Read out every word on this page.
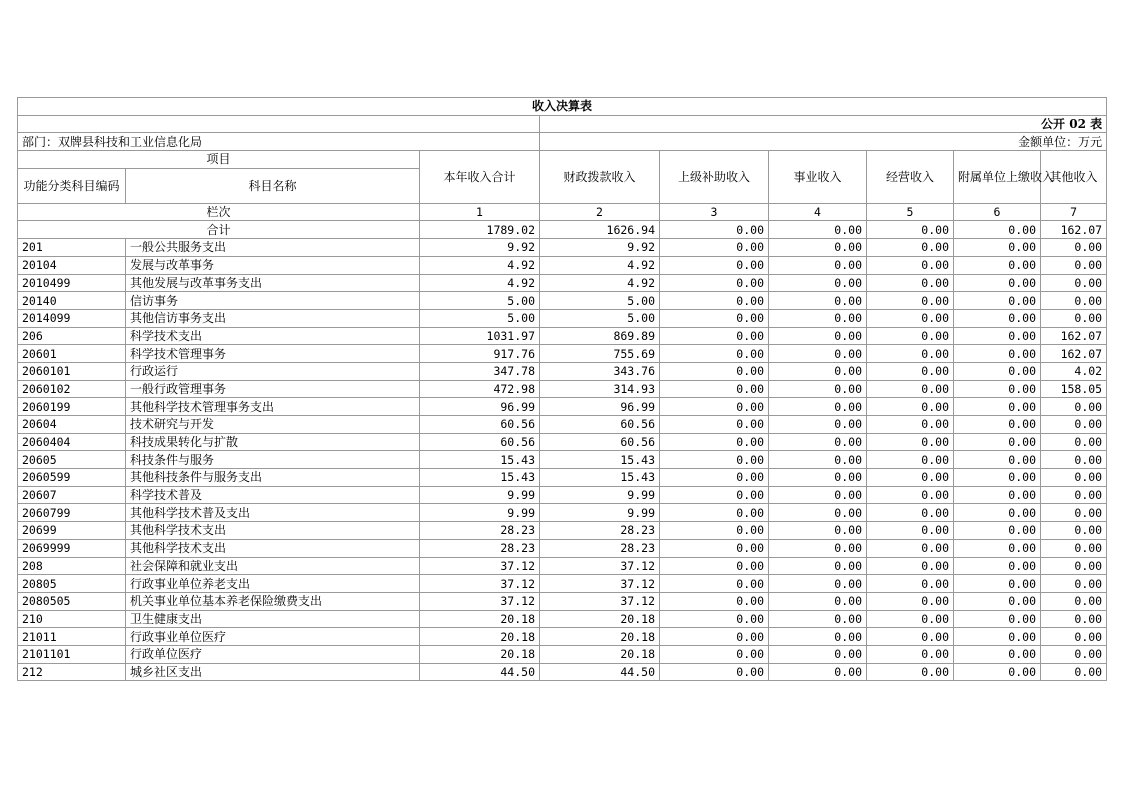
收入决算表								
			公开 02 表					
部门：双牌县科技和工业信息化局			金额单位：万元					
项目		本年收入合计	财政拨款收入	上级补助收入	事业收入	经营收入	附属单位上缴收入	其他收入
功能分类科目编码	科目名称							
栏次		1	2	3	4	5	6	7
合计		1789.02	1626.94	0.00	0.00	0.00	0.00	162.07
201	一般公共服务支出	9.92	9.92	0.00	0.00	0.00	0.00	0.00
20104	发展与改革事务	4.92	4.92	0.00	0.00	0.00	0.00	0.00
2010499	其他发展与改革事务支出	4.92	4.92	0.00	0.00	0.00	0.00	0.00
20140	信访事务	5.00	5.00	0.00	0.00	0.00	0.00	0.00
2014099	其他信访事务支出	5.00	5.00	0.00	0.00	0.00	0.00	0.00
206	科学技术支出	1031.97	869.89	0.00	0.00	0.00	0.00	162.07
20601	科学技术管理事务	917.76	755.69	0.00	0.00	0.00	0.00	162.07
2060101	行政运行	347.78	343.76	0.00	0.00	0.00	0.00	4.02
2060102	一般行政管理事务	472.98	314.93	0.00	0.00	0.00	0.00	158.05
2060199	其他科学技术管理事务支出	96.99	96.99	0.00	0.00	0.00	0.00	0.00
20604	技术研究与开发	60.56	60.56	0.00	0.00	0.00	0.00	0.00
2060404	科技成果转化与扩散	60.56	60.56	0.00	0.00	0.00	0.00	0.00
20605	科技条件与服务	15.43	15.43	0.00	0.00	0.00	0.00	0.00
2060599	其他科技条件与服务支出	15.43	15.43	0.00	0.00	0.00	0.00	0.00
20607	科学技术普及	9.99	9.99	0.00	0.00	0.00	0.00	0.00
2060799	其他科学技术普及支出	9.99	9.99	0.00	0.00	0.00	0.00	0.00
20699	其他科学技术支出	28.23	28.23	0.00	0.00	0.00	0.00	0.00
2069999	其他科学技术支出	28.23	28.23	0.00	0.00	0.00	0.00	0.00
208	社会保障和就业支出	37.12	37.12	0.00	0.00	0.00	0.00	0.00
20805	行政事业单位养老支出	37.12	37.12	0.00	0.00	0.00	0.00	0.00
2080505	机关事业单位基本养老保险缴费支出	37.12	37.12	0.00	0.00	0.00	0.00	0.00
210	卫生健康支出	20.18	20.18	0.00	0.00	0.00	0.00	0.00
21011	行政事业单位医疗	20.18	20.18	0.00	0.00	0.00	0.00	0.00
2101101	行政单位医疗	20.18	20.18	0.00	0.00	0.00	0.00	0.00
212	城乡社区支出	44.50	44.50	0.00	0.00	0.00	0.00	0.00
